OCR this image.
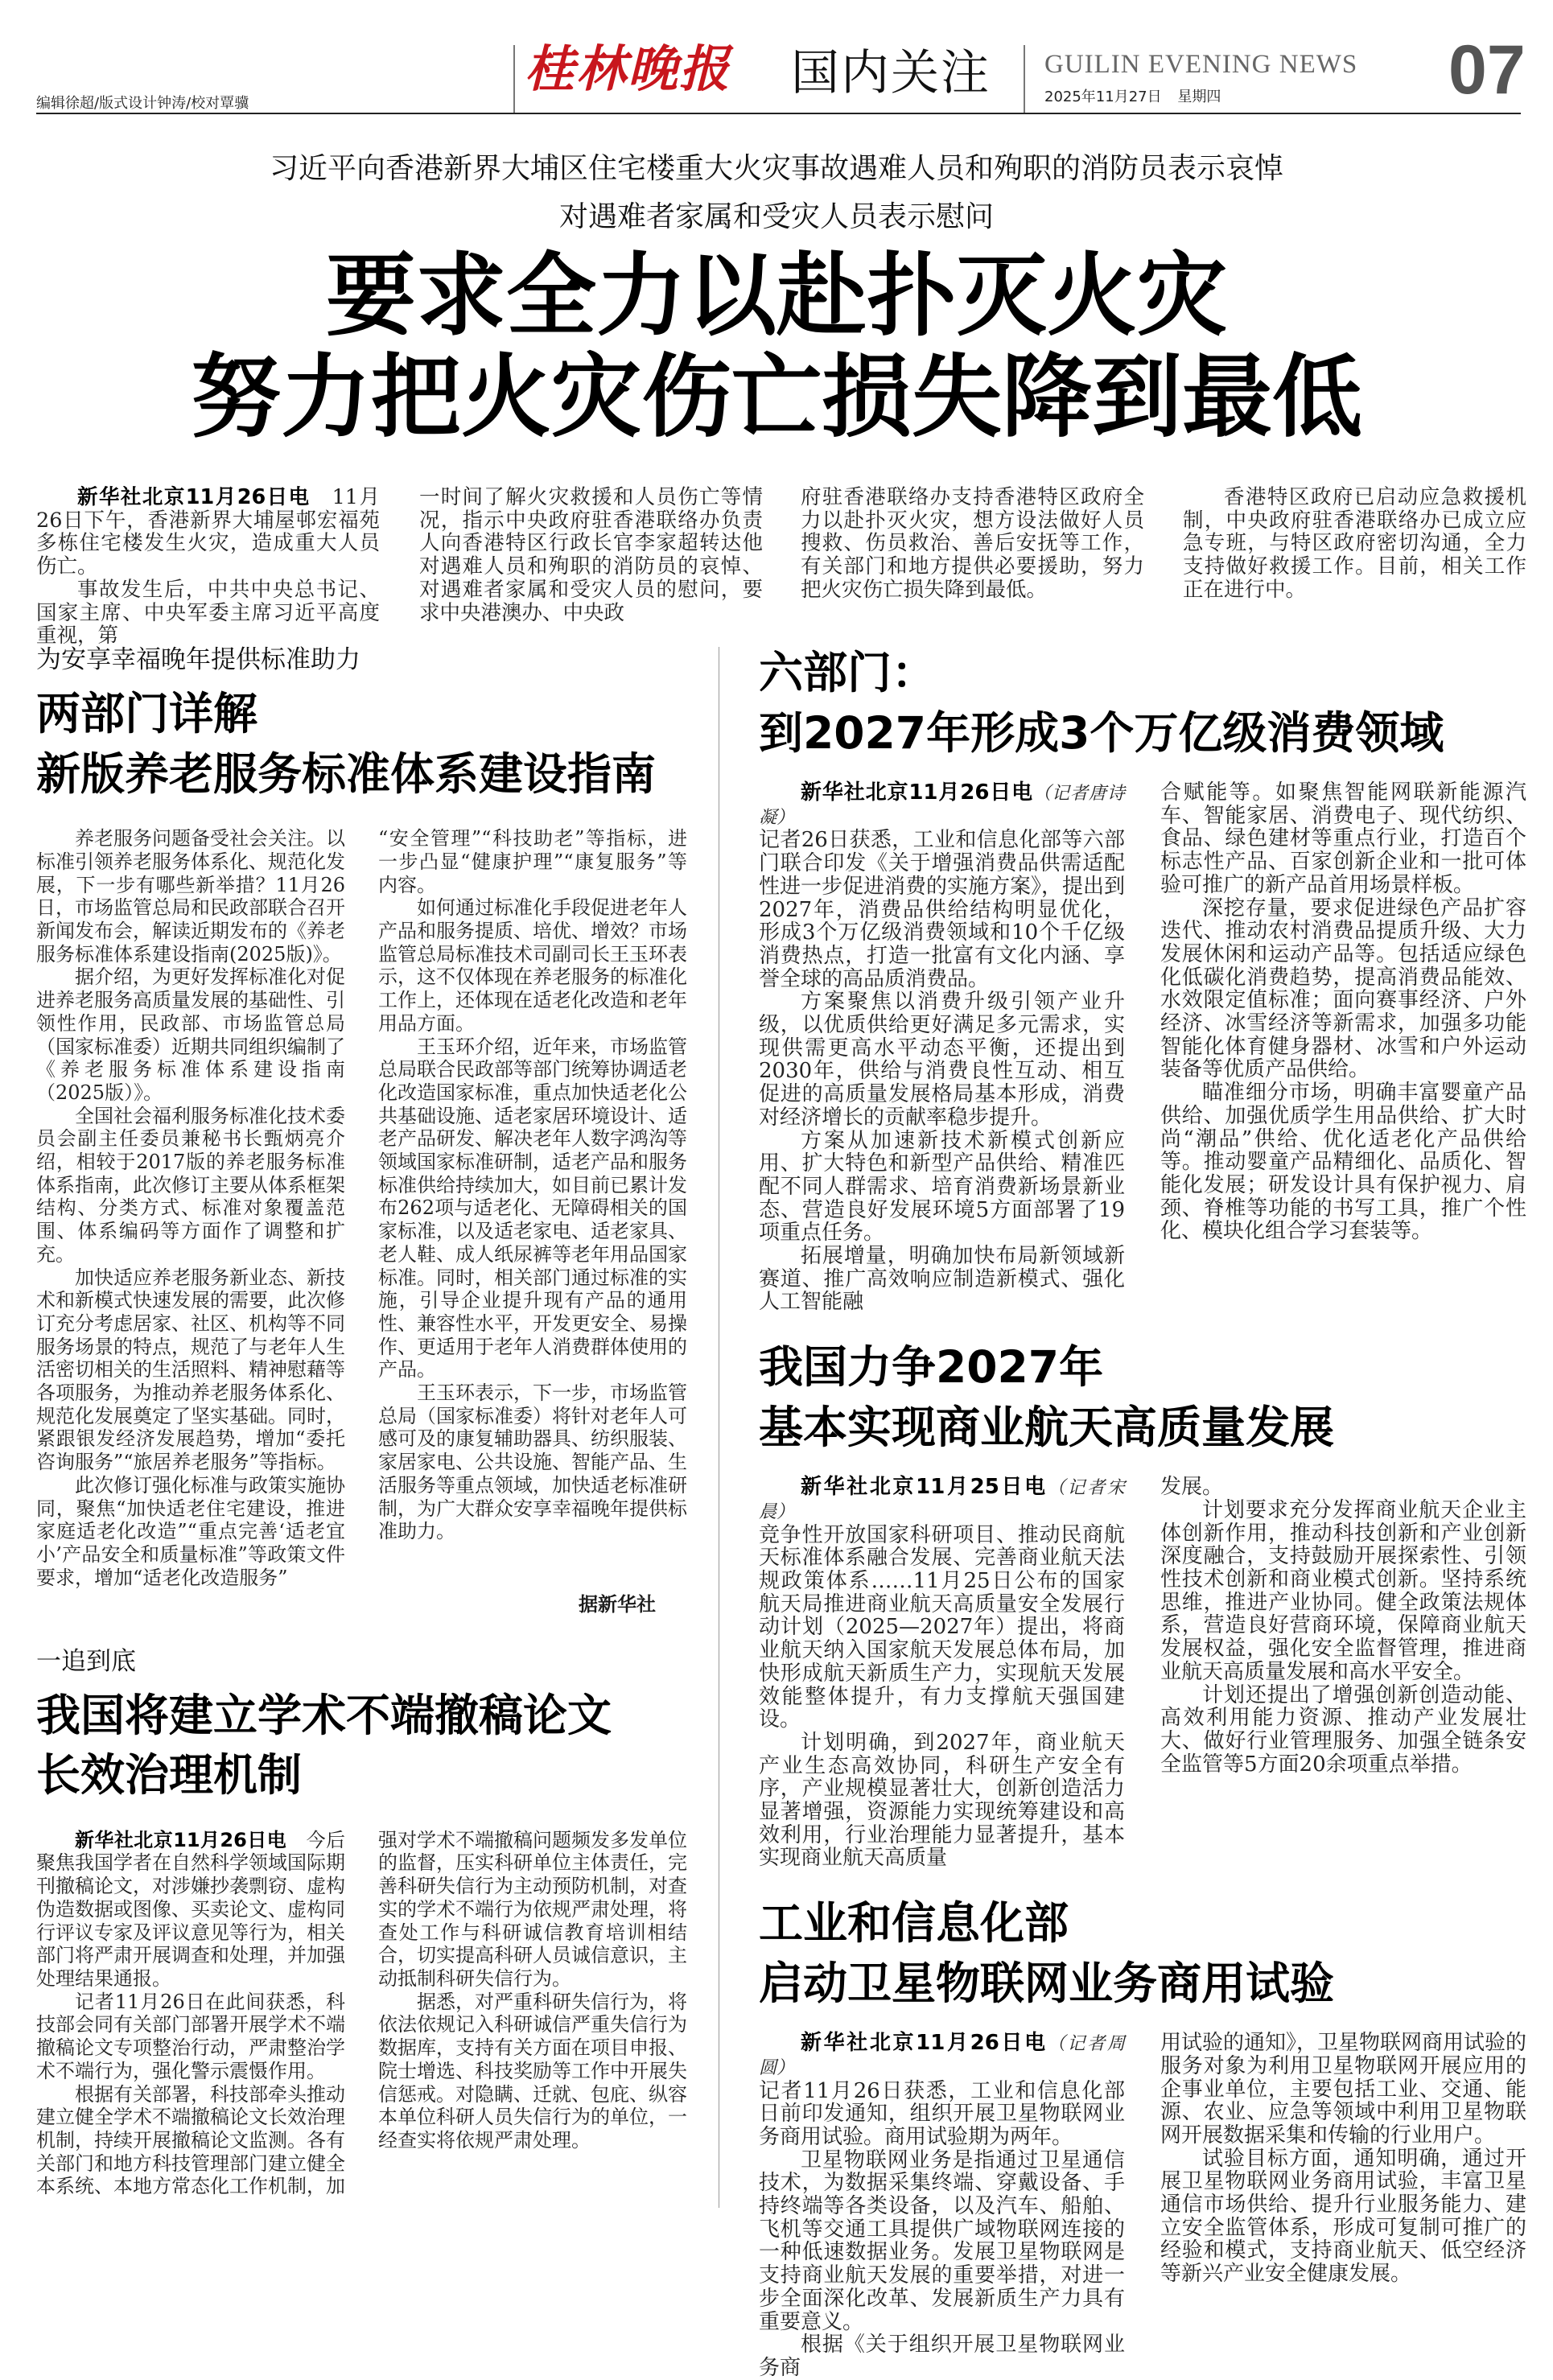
编辑徐超/版式设计钟涛/校对覃骥
桂林晚报 国内关注 GUILIN EVENING NEWS
2025年11月27日 星期四	07
习近平向香港新界大埔区住宅楼重大火灾事故遇难人员和殉职的消防员表示哀悼
对遇难者家属和受灾人员表示慰问
要求全力以赴扑灭火灾
努力把火灾伤亡损失降到最低

新华社北京11月26日电　 11月26日下午，香港新界大埔屋邨宏福苑多栋住宅楼发生火灾，造成重大人员伤亡。

事故发生后，中共中央总书记、国家主席、中央军委主席习近平高度重视，第

一时间了解火灾救援和人员伤亡等情况，指示中央政府驻香港联络办负责人向香港特区行政长官李家超转达他对遇难人员和殉职的消防员的哀悼、对遇难者家属和受灾人员的慰问，要求中央港澳办、中央政

府驻香港联络办支持香港特区政府全力以赴扑灭火灾，想方设法做好人员搜救、伤员救治、善后安抚等工作，有关部门和地方提供必要援助，努力把火灾伤亡损失降到最低。

香港特区政府已启动应急救援机制，中央政府驻香港联络办已成立应急专班，与特区政府密切沟通，全力支持做好救援工作。目前，相关工作正在进行中。

为安享幸福晚年提供标准助力
两部门详解
新版养老服务标准体系建设指南

养老服务问题备受社会关注。以标准引领养老服务体系化、规范化发展，下一步有哪些新举措？11月26日，市场监管总局和民政部联合召开新闻发布会，解读近期发布的《养老服务标准体系建设指南(2025版)》。

据介绍，为更好发挥标准化对促进养老服务高质量发展的基础性、引领性作用，民政部、市场监管总局（国家标准委）近期共同组织编制了《养老服务标准体系建设指南（2025版）》。

全国社会福利服务标准化技术委员会副主任委员兼秘书长甄炳亮介绍，相较于2017版的养老服务标准体系指南，此次修订主要从体系框架结构、分类方式、标准对象覆盖范围、体系编码等方面作了调整和扩充。

加快适应养老服务新业态、新技术和新模式快速发展的需要，此次修订充分考虑居家、社区、机构等不同服务场景的特点，规范了与老年人生活密切相关的生活照料、精神慰藉等各项服务，为推动养老服务体系化、规范化发展奠定了坚实基础。同时，紧跟银发经济发展趋势，增加“委托咨询服务”“旅居养老服务”等指标。

此次修订强化标准与政策实施协同，聚焦“加快适老住宅建设，推进家庭适老化改造”“重点完善‘适老宜小’产品安全和质量标准”等政策文件要求，增加“适老化改造服务”

“安全管理”“科技助老”等指标，进一步凸显“健康护理”“康复服务”等内容。

如何通过标准化手段促进老年人产品和服务提质、培优、增效？市场监管总局标准技术司副司长王玉环表示，这不仅体现在养老服务的标准化工作上，还体现在适老化改造和老年用品方面。

王玉环介绍，近年来，市场监管总局联合民政部等部门统筹协调适老化改造国家标准，重点加快适老化公共基础设施、适老家居环境设计、适老产品研发、解决老年人数字鸿沟等领域国家标准研制，适老产品和服务标准供给持续加大，如目前已累计发布262项与适老化、无障碍相关的国家标准，以及适老家电、适老家具、老人鞋、成人纸尿裤等老年用品国家标准。同时，相关部门通过标准的实施，引导企业提升现有产品的通用性、兼容性水平，开发更安全、易操作、更适用于老年人消费群体使用的产品。

王玉环表示，下一步，市场监管总局（国家标准委）将针对老年人可感可及的康复辅助器具、纺织服装、家居家电、公共设施、智能产品、生活服务等重点领域，加快适老标准研制，为广大群众安享幸福晚年提供标准助力。

据新华社
一追到底
我国将建立学术不端撤稿论文
长效治理机制

新华社北京11月26日电　 今后聚焦我国学者在自然科学领域国际期刊撤稿论文，对涉嫌抄袭剽窃、虚构伪造数据或图像、买卖论文、虚构同行评议专家及评议意见等行为，相关部门将严肃开展调查和处理，并加强处理结果通报。

记者11月26日在此间获悉，科技部会同有关部门部署开展学术不端撤稿论文专项整治行动，严肃整治学术不端行为，强化警示震慑作用。

根据有关部署，科技部牵头推动建立健全学术不端撤稿论文长效治理机制，持续开展撤稿论文监测。各有关部门和地方科技管理部门建立健全本系统、本地方常态化工作机制，加

强对学术不端撤稿问题频发多发单位的监督，压实科研单位主体责任，完善科研失信行为主动预防机制，对查实的学术不端行为依规严肃处理，将查处工作与科研诚信教育培训相结合，切实提高科研人员诚信意识，主动抵制科研失信行为。

据悉，对严重科研失信行为，将依法依规记入科研诚信严重失信行为数据库，支持有关方面在项目申报、院士增选、科技奖励等工作中开展失信惩戒。对隐瞒、迁就、包庇、纵容本单位科研人员失信行为的单位，一经查实将依规严肃处理。

六部门：
到2027年形成3个万亿级消费领域

新华社北京11月26日电（记者唐诗凝）
记者26日获悉，工业和信息化部等六部门联合印发《关于增强消费品供需适配性进一步促进消费的实施方案》，提出到2027年，消费品供给结构明显优化，形成3个万亿级消费领域和10个千亿级消费热点，打造一批富有文化内涵、享誉全球的高品质消费品。

方案聚焦以消费升级引领产业升级，以优质供给更好满足多元需求，实现供需更高水平动态平衡，还提出到2030年，供给与消费良性互动、相互促进的高质量发展格局基本形成，消费对经济增长的贡献率稳步提升。

方案从加速新技术新模式创新应用、扩大特色和新型产品供给、精准匹配不同人群需求、培育消费新场景新业态、营造良好发展环境5方面部署了19项重点任务。

拓展增量，明确加快布局新领域新赛道、推广高效响应制造新模式、强化人工智能融

合赋能等。如聚焦智能网联新能源汽车、智能家居、消费电子、现代纺织、食品、绿色建材等重点行业，打造百个标志性产品、百家创新企业和一批可体验可推广的新产品首用场景样板。

深挖存量，要求促进绿色产品扩容迭代、推动农村消费品提质升级、大力发展休闲和运动产品等。包括适应绿色化低碳化消费趋势，提高消费品能效、水效限定值标准；面向赛事经济、户外经济、冰雪经济等新需求，加强多功能智能化体育健身器材、冰雪和户外运动装备等优质产品供给。

瞄准细分市场，明确丰富婴童产品供给、加强优质学生用品供给、扩大时尚“潮品”供给、优化适老化产品供给等。推动婴童产品精细化、品质化、智能化发展；研发设计具有保护视力、肩颈、脊椎等功能的书写工具，推广个性化、模块化组合学习套装等。

我国力争2027年
基本实现商业航天高质量发展

新华社北京11月25日电（记者宋晨）
竞争性开放国家科研项目、推动民商航天标准体系融合发展、完善商业航天法规政策体系……11月25日公布的国家航天局推进商业航天高质量安全发展行动计划（2025—2027年）提出，将商业航天纳入国家航天发展总体布局，加快形成航天新质生产力，实现航天发展效能整体提升，有力支撑航天强国建设。

计划明确，到2027年，商业航天产业生态高效协同，科研生产安全有序，产业规模显著壮大，创新创造活力显著增强，资源能力实现统筹建设和高效利用，行业治理能力显著提升，基本实现商业航天高质量

发展。

计划要求充分发挥商业航天企业主体创新作用，推动科技创新和产业创新深度融合，支持鼓励开展探索性、引领性技术创新和商业模式创新。坚持系统思维，推进产业协同。健全政策法规体系，营造良好营商环境，保障商业航天发展权益，强化安全监督管理，推进商业航天高质量发展和高水平安全。

计划还提出了增强创新创造动能、高效利用能力资源、推动产业发展壮大、做好行业管理服务、加强全链条安全监管等5方面20余项重点举措。

工业和信息化部
启动卫星物联网业务商用试验

新华社北京11月26日电（记者周圆）
记者11月26日获悉，工业和信息化部日前印发通知，组织开展卫星物联网业务商用试验。商用试验期为两年。

卫星物联网业务是指通过卫星通信技术，为数据采集终端、穿戴设备、手持终端等各类设备，以及汽车、船舶、飞机等交通工具提供广域物联网连接的一种低速数据业务。发展卫星物联网是支持商业航天发展的重要举措，对进一步全面深化改革、发展新质生产力具有重要意义。

根据《关于组织开展卫星物联网业务商

用试验的通知》，卫星物联网商用试验的服务对象为利用卫星物联网开展应用的企事业单位，主要包括工业、交通、能源、农业、应急等领域中利用卫星物联网开展数据采集和传输的行业用户。

试验目标方面，通知明确，通过开展卫星物联网业务商用试验，丰富卫星通信市场供给、提升行业服务能力、建立安全监管体系，形成可复制可推广的经验和模式，支持商业航天、低空经济等新兴产业安全健康发展。
